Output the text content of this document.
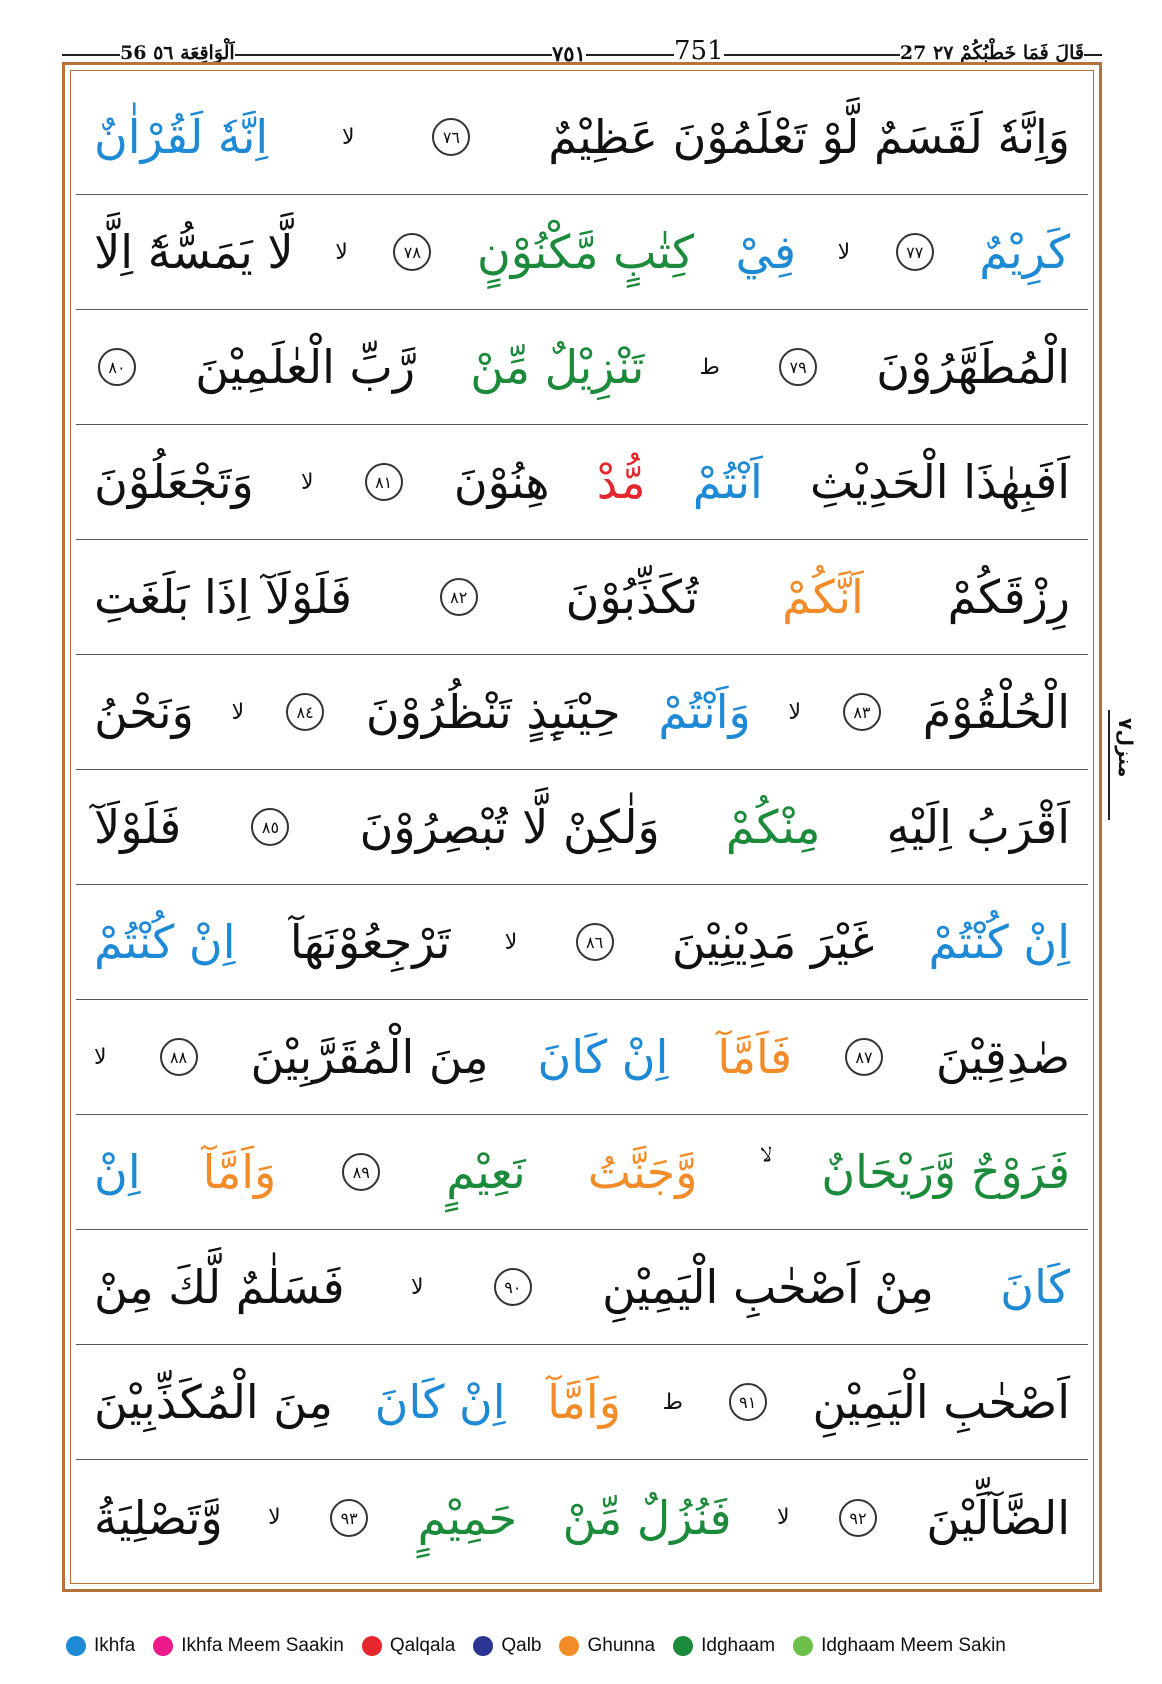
27 قَالَ فَمَا خَطْبُكُمْ ٢٧
٧٥١	751
56 اَلْوَاقِعَة ٥٦
وَاِنَّهٗ لَقَسَمٌ لَّوْ تَعْلَمُوْنَ عَظِيْمٌ
٧٦
لا
اِنَّهٗ لَقُرْاٰنٌ
كَرِيْمٌ
٧٧
لا
فِيْ
كِتٰبٍ مَّكْنُوْنٍ
٧٨
لا
لَّا يَمَسُّهٗٓ اِلَّا
الْمُطَهَّرُوْنَ
٧٩
ط
تَنْزِيْلٌ مِّنْ
رَّبِّ الْعٰلَمِيْنَ
٨٠
اَفَبِهٰذَا الْحَدِيْثِ
اَنْتُمْ
مُّدْ
هِنُوْنَ
٨١
لا
وَتَجْعَلُوْنَ
رِزْقَكُمْ
اَنَّكُمْ
تُكَذِّبُوْنَ
٨٢
فَلَوْلَآ اِذَا بَلَغَتِ
الْحُلْقُوْمَ
٨٣
لا
وَاَنْتُمْ
حِيْنَىِٕذٍ تَنْظُرُوْنَ
٨٤
لا
وَنَحْنُ
اَقْرَبُ اِلَيْهِ
مِنْكُمْ
وَلٰكِنْ لَّا تُبْصِرُوْنَ
٨٥
فَلَوْلَآ
اِنْ كُنْتُمْ
غَيْرَ مَدِيْنِيْنَ
٨٦
لا
تَرْجِعُوْنَهَآ
اِنْ كُنْتُمْ
صٰدِقِيْنَ
٨٧
فَاَمَّآ
اِنْ كَانَ
مِنَ الْمُقَرَّبِيْنَ
٨٨
لا
فَرَوْحٌ وَّرَيْحَانٌ
وَّجَنَّتُ
نَعِيْمٍ
٨٩
وَاَمَّآ
اِنْ
كَانَ
مِنْ اَصْحٰبِ الْيَمِيْنِ
٩٠
لا
فَسَلٰمٌ لَّكَ مِنْ
اَصْحٰبِ الْيَمِيْنِ
٩١
ط
وَاَمَّآ
اِنْ كَانَ
مِنَ الْمُكَذِّبِيْنَ
الضَّآلِّيْنَ
٩٢
لا
فَنُزُلٌ مِّنْ
حَمِيْمٍ
٩٣
لا
وَّتَصْلِيَةُ
منزل٧
Ikhfa Ikhfa Meem Saakin Qalqala Qalb Ghunna Idghaam Idghaam Meem Sakin
